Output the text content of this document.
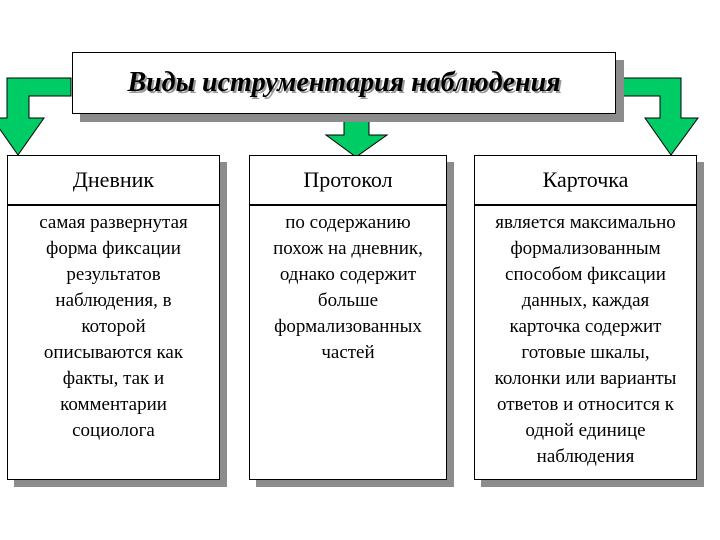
Виды иструментария наблюдения
Дневник
самая развернутая
форма фиксации
результатов
наблюдения, в
которой
описываются как
факты, так и
комментарии
социолога
Протокол
по содержанию
похож на дневник,
однако содержит
больше
формализованных
частей
Карточка
является максимально
формализованным
способом фиксации
данных, каждая
карточка содержит
готовые шкалы,
колонки или варианты
ответов и относится к
одной единице
наблюдения
